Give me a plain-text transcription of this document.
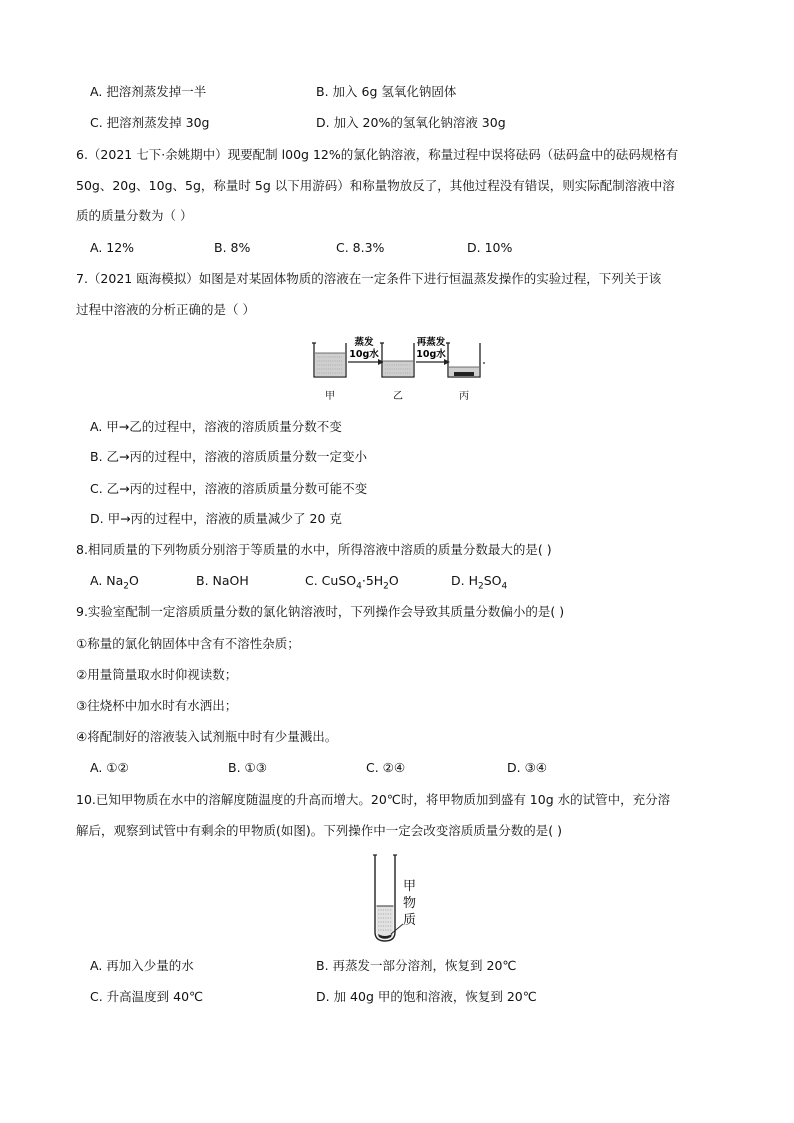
A. 把溶剂蒸发掉一半	B. 加入 6g 氢氧化钠固体
C. 把溶剂蒸发掉 30g	D. 加入 20%的氢氧化钠溶液 30g
6.（2021 七下·余姚期中）现要配制 l00g 12%的氯化钠溶液，称量过程中误将砝码（砝码盒中的砝码规格有
50g、20g、10g、5g，称量时 5g 以下用游码）和称量物放反了，其他过程没有错误，则实际配制溶液中溶
质的质量分数为（ ）
A. 12%	B. 8%	C. 8.3%	D. 10%
7.（2021 瓯海模拟）如图是对某固体物质的溶液在一定条件下进行恒温蒸发操作的实验过程，下列关于该
过程中溶液的分析正确的是（ ）
蒸发
10g水
再蒸发
10g水
甲	乙	丙
A. 甲→乙的过程中，溶液的溶质质量分数不变
B. 乙→丙的过程中，溶液的溶质质量分数一定变小
C. 乙→丙的过程中，溶液的溶质质量分数可能不变
D. 甲→丙的过程中，溶液的质量减少了 20 克
8.相同质量的下列物质分别溶于等质量的水中，所得溶液中溶质的质量分数最大的是( )
A. $Na_2O$	B. NaOH	C. $CuSO_4\cdot 5H_2O$	D. $H_2SO_4$
9.实验室配制一定溶质质量分数的氯化钠溶液时，下列操作会导致其质量分数偏小的是( )
①称量的氯化钠固体中含有不溶性杂质；
②用量筒量取水时仰视读数；
③往烧杯中加水时有水洒出；
④将配制好的溶液装入试剂瓶中时有少量溅出。
A. ①②	B. ①③	C. ②④	D. ③④
10.已知甲物质在水中的溶解度随温度的升高而增大。20℃时，将甲物质加到盛有 10g 水的试管中，充分溶
解后，观察到试管中有剩余的甲物质(如图)。下列操作中一定会改变溶质质量分数的是( )
甲物质
A. 再加入少量的水	B. 再蒸发一部分溶剂，恢复到 20℃
C. 升高温度到 40℃	D. 加 40g 甲的饱和溶液，恢复到 20℃
